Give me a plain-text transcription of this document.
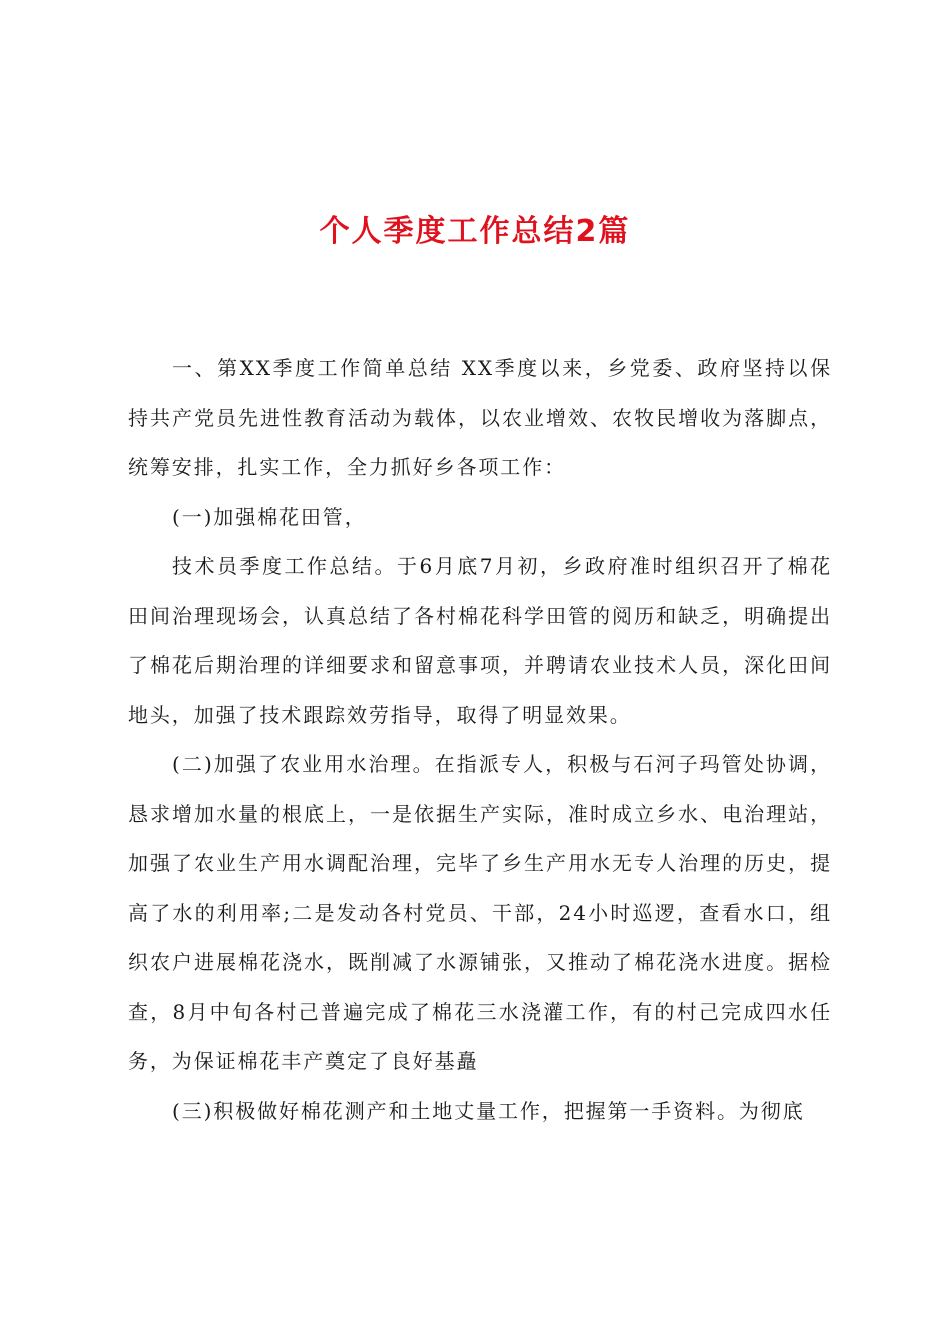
个人季度工作总结2篇

一、第XX季度工作简单总结 XX季度以来，乡党委、政府坚持以保持共产党员先进性教育活动为载体，以农业增效、农牧民增收为落脚点，统筹安排，扎实工作，全力抓好乡各项工作：

(一)加强棉花田管，

技术员季度工作总结。于6月底7月初，乡政府准时组织召开了棉花田间治理现场会，认真总结了各村棉花科学田管的阅历和缺乏，明确提出了棉花后期治理的详细要求和留意事项，并聘请农业技术人员，深化田间地头，加强了技术跟踪效劳指导，取得了明显效果。

(二)加强了农业用水治理。在指派专人，积极与石河子玛管处协调，恳求增加水量的根底上，一是依据生产实际，准时成立乡水、电治理站，加强了农业生产用水调配治理，完毕了乡生产用水无专人治理的历史，提高了水的利用率;二是发动各村党员、干部，24小时巡逻，查看水口，组织农户进展棉花浇水，既削减了水源铺张，又推动了棉花浇水进度。据检查，8月中旬各村己普遍完成了棉花三水浇灌工作，有的村己完成四水任务，为保证棉花丰产奠定了良好基矗

(三)积极做好棉花测产和土地丈量工作，把握第一手资料。为彻底
